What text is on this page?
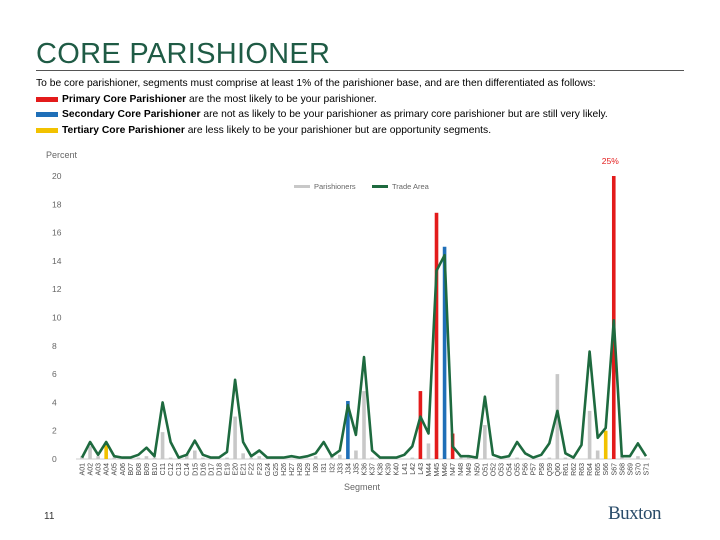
CORE PARISHIONER
To be core parishioner, segments must comprise at least 1% of the parishioner base, and are then differentiated as follows:
Primary Core Parishioner are the most likely to be your parishioner.
Secondary Core Parishioner are not as likely to be your parishioner as primary core parishioner but are still very likely.
Tertiary Core Parishioner are less likely to be your parishioner but are opportunity segments.
0
2
4
6
8
10
12
14
16
18
20
Percent
25%
Parishioners	Trade Area
A01 A02 A03 A04 A05 A06 B07 B08 B09 B10 C11 C12 C13 C14 D15 D16 D17 D18 E19 E20 E21 F22 F23 G24 G25 H26 H27 H28 H29 I30 I31 I32 J33 J34 J35 K36 K37 K38 K39 K40 L41 L42 L43 M44 M45 M46 N47 N48 N49 N50 O51 O52 O53 O54 O55 P56 P57 P58 Q59 Q60 R61 R62 R63 R64 R65 S66 S67 S68 S69 S70 S71
Segment
11	Buxton
